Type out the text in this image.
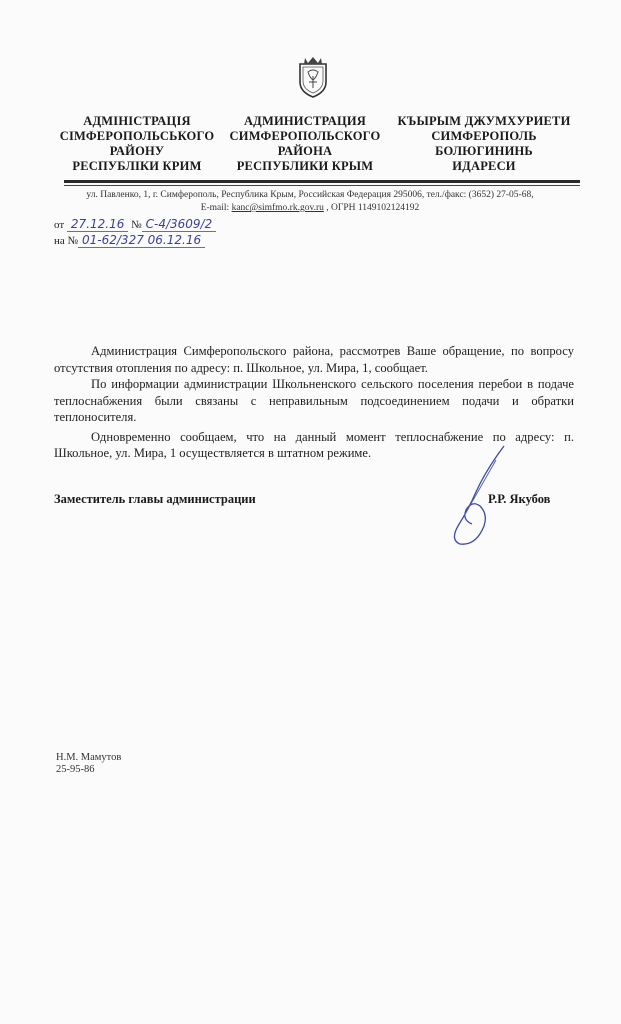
АДМІНІСТРАЦІЯ
СІМФЕРОПОЛЬСЬКОГО
РАЙОНУ
РЕСПУБЛІКИ КРИМ
АДМИНИСТРАЦИЯ
СИМФЕРОПОЛЬСКОГО
РАЙОНА
РЕСПУБЛИКИ КРЫМ
КЪЫРЫМ ДЖУМХУРИЕТИ
СИМФЕРОПОЛЬ
БОЛЮГИНИНЬ
ИДАРЕСИ
ул. Павленко, 1, г. Симферополь, Республика Крым, Российская Федерация 295006, тел./факс: (3652) 27-05-68,
E-mail: kanc@simfmo.rk.gov.ru , ОГРН 1149102124192
от 27.12.16 № С-4/3609/2
на № 01-62/327 06.12.16

Администрация Симферопольского района, рассмотрев Ваше обращение, по вопросу отсутствия отопления по адресу: п. Школьное, ул. Мира, 1, сообщает.

По информации администрации Школьненского сельского поселения перебои в подаче теплоснабжения были связаны с неправильным подсоединением подачи и обратки теплоносителя.

Одновременно сообщаем, что на данный момент теплоснабжение по адресу: п. Школьное, ул. Мира, 1 осуществляется в штатном режиме.

Заместитель главы администрации	Р.Р. Якубов
Н.М. Мамутов
25-95-86
